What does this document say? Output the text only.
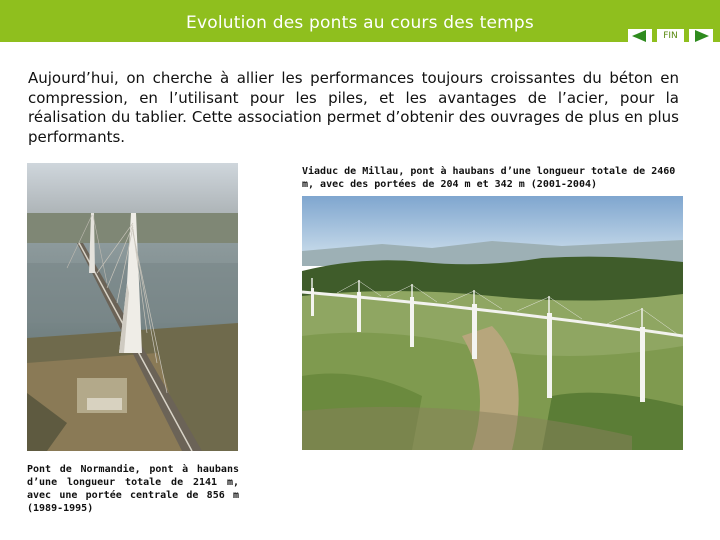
Evolution des ponts au cours des temps
FIN
Aujourd’hui, on cherche à allier les performances toujours croissantes du béton en compression, en l’utilisant pour les piles, et les avantages de l’acier, pour la réalisation du tablier. Cette association permet d’obtenir des ouvrages de plus en plus performants.
Viaduc de Millau, pont à haubans d’une longueur totale de 2460 m, avec des portées de 204 m et 342 m (2001-2004)
Pont de Normandie, pont à haubans d’une longueur totale de 2141 m, avec une portée centrale de 856 m (1989-1995)
